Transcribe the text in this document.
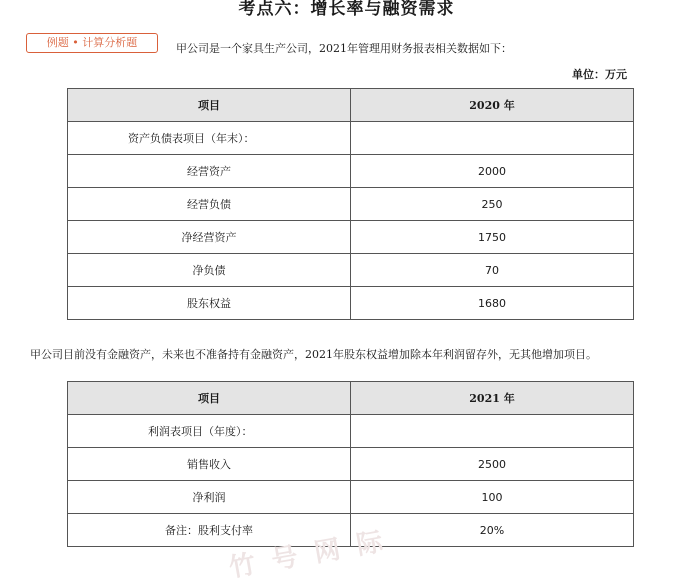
考点六：增长率与融资需求
例题 • 计算分析题	甲公司是一个家具生产公司，2021年管理用财务报表相关数据如下：
单位：万元
项目	2020 年
资产负债表项目（年末）：	
经营资产	2000
经营负债	250
净经营资产	1750
净负债	70
股东权益	1680
甲公司目前没有金融资产，未来也不准备持有金融资产，2021年股东权益增加除本年利润留存外，无其他增加项目。
项目	2021 年
利润表项目（年度）：	
销售收入	2500
净利润	100
备注：股利支付率	20%
竹 号 网 际
